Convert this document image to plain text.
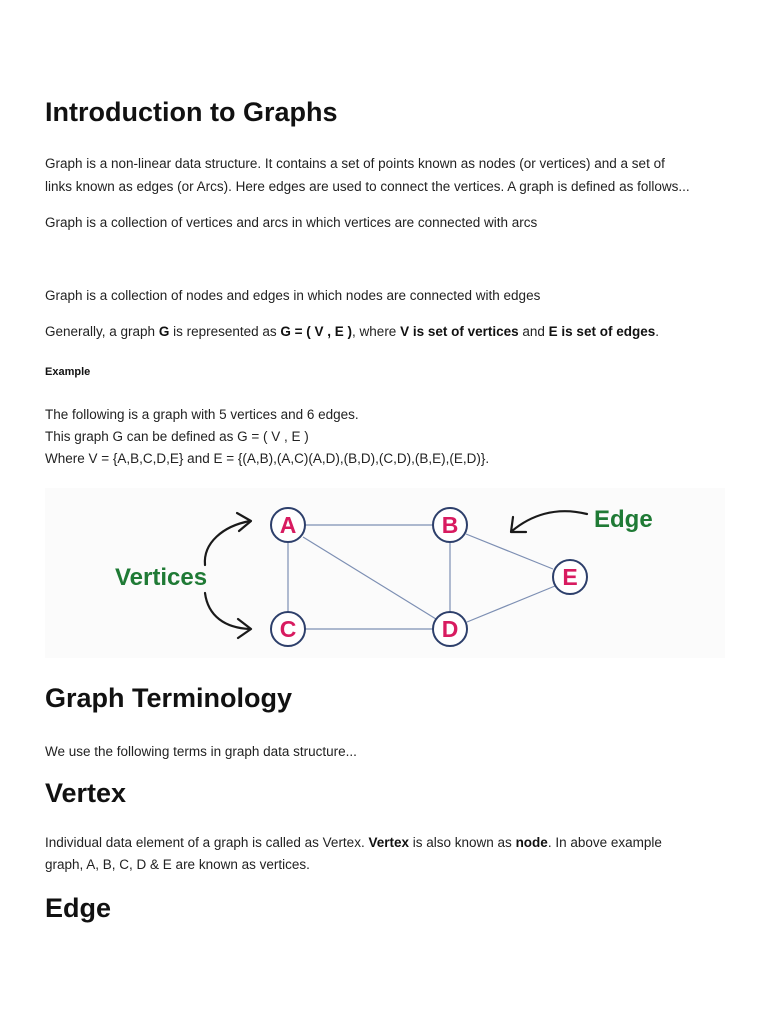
Introduction to Graphs
Graph is a non-linear data structure. It contains a set of points known as nodes (or vertices) and a set of
links known as edges (or Arcs). Here edges are used to connect the vertices. A graph is defined as follows...
Graph is a collection of vertices and arcs in which vertices are connected with arcs
Graph is a collection of nodes and edges in which nodes are connected with edges
Generally, a graph G is represented as G = ( V , E ), where V is set of vertices and E is set of edges.
Example
The following is a graph with 5 vertices and 6 edges.
This graph G can be defined as G = ( V , E )
Where V = {A,B,C,D,E} and E = {(A,B),(A,C)(A,D),(B,D),(C,D),(B,E),(E,D)}.
A	B
C	D
E
Vertices
Edge
Graph Terminology
We use the following terms in graph data structure...
Vertex
Individual data element of a graph is called as Vertex. Vertex is also known as node. In above example
graph, A, B, C, D & E are known as vertices.
Edge
